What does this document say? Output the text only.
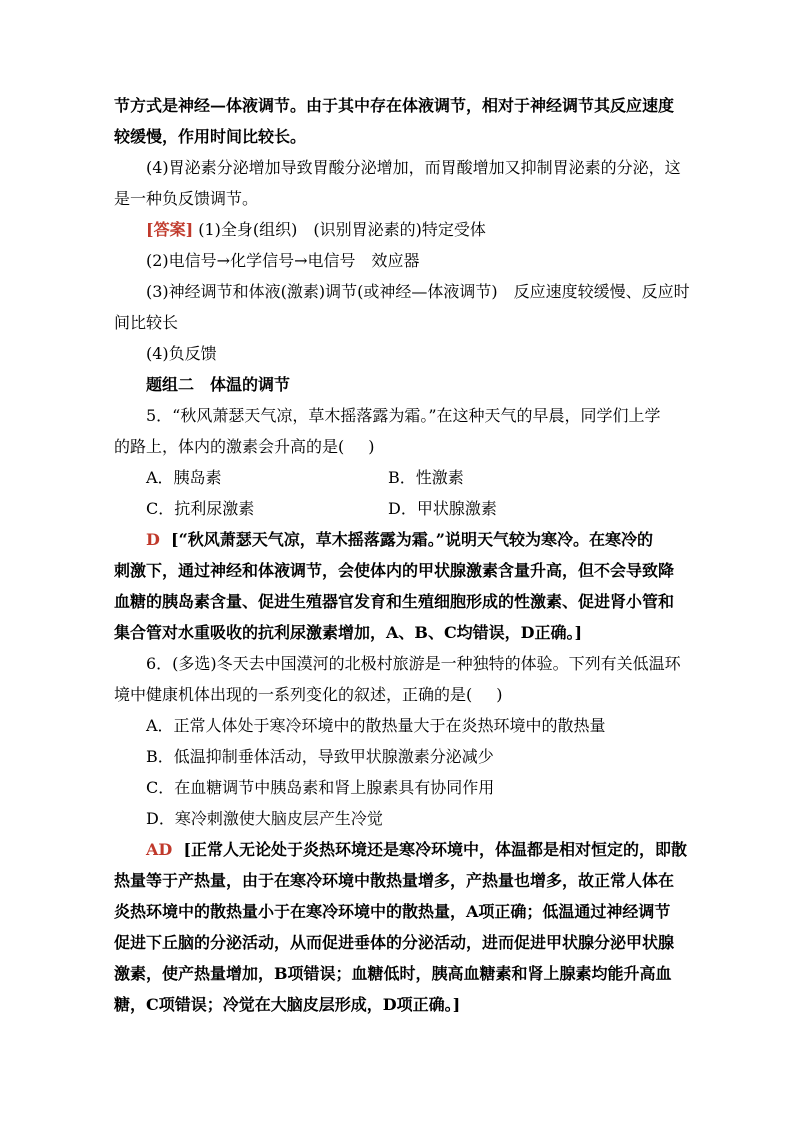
节方式是神经—体液调节。由于其中存在体液调节，相对于神经调节其反应速度
较缓慢，作用时间比较长。
(4)胃泌素分泌增加导致胃酸分泌增加，而胃酸增加又抑制胃泌素的分泌，这
是一种负反馈调节。
[答案] (1)全身(组织)　(识别胃泌素的)特定受体
(2)电信号→化学信号→电信号　效应器
(3)神经调节和体液(激素)调节(或神经—体液调节)　反应速度较缓慢、反应时
间比较长
(4)负反馈
题组二　体温的调节
5．“秋风萧瑟天气凉，草木摇落露为霜。”在这种天气的早晨，同学们上学
的路上，体内的激素会升高的是( )
A．胰岛素	B．性激素
C．抗利尿激素	D．甲状腺激素
D [“秋风萧瑟天气凉，草木摇落露为霜。”说明天气较为寒冷。在寒冷的
刺激下，通过神经和体液调节，会使体内的甲状腺激素含量升高，但不会导致降
血糖的胰岛素含量、促进生殖器官发育和生殖细胞形成的性激素、促进肾小管和
集合管对水重吸收的抗利尿激素增加，A、B、C均错误，D正确。]
6．(多选)冬天去中国漠河的北极村旅游是一种独特的体验。下列有关低温环
境中健康机体出现的一系列变化的叙述，正确的是( )
A．正常人体处于寒冷环境中的散热量大于在炎热环境中的散热量
B．低温抑制垂体活动，导致甲状腺激素分泌减少
C．在血糖调节中胰岛素和肾上腺素具有协同作用
D．寒冷刺激使大脑皮层产生冷觉
AD [正常人无论处于炎热环境还是寒冷环境中，体温都是相对恒定的，即散
热量等于产热量，由于在寒冷环境中散热量增多，产热量也增多，故正常人体在
炎热环境中的散热量小于在寒冷环境中的散热量，A项正确；低温通过神经调节
促进下丘脑的分泌活动，从而促进垂体的分泌活动，进而促进甲状腺分泌甲状腺
激素，使产热量增加，B项错误；血糖低时，胰高血糖素和肾上腺素均能升高血
糖，C项错误；冷觉在大脑皮层形成，D项正确。]
